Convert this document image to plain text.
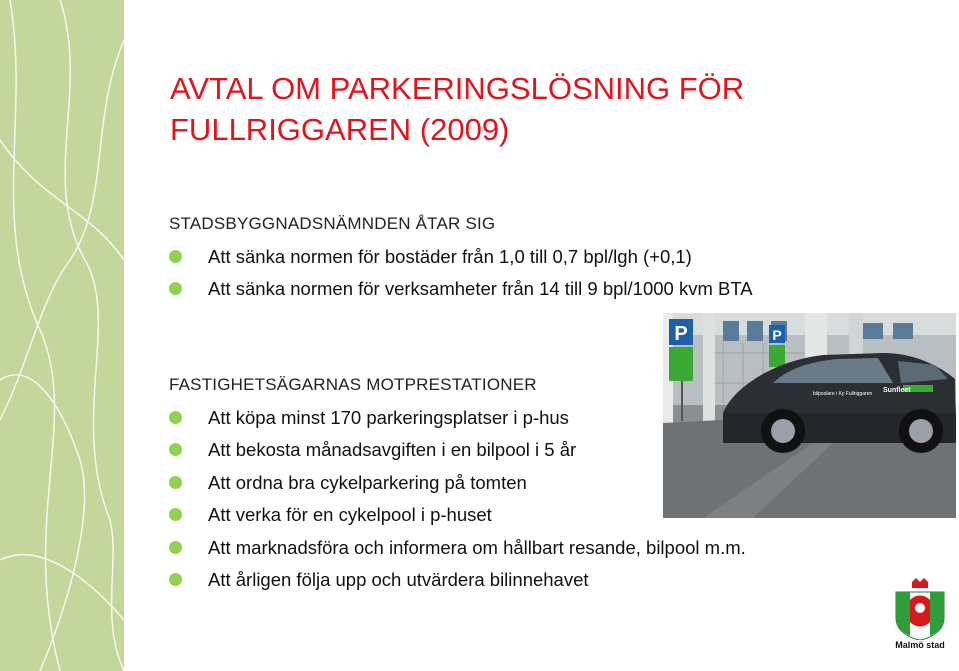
AVTAL OM PARKERINGSLÖSNING FÖR
FULLRIGGAREN (2009)
STADSBYGGNADSNÄMNDEN ÅTAR SIG
Att sänka normen för bostäder från 1,0 till 0,7 bpl/lgh (+0,1)
Att sänka normen för verksamheter från 14 till 9 bpl/1000 kvm BTA
FASTIGHETSÄGARNAS MOTPRESTATIONER
Att köpa minst 170 parkeringsplatser i p-hus
Att bekosta månadsavgiften i en bilpool i 5 år
Att ordna bra cykelparkering på tomten
Att verka för en cykelpool i p-huset
Att marknadsföra och informera om hållbart resande, bilpool m.m.
Att årligen följa upp och utvärdera bilinnehavet
P	P
Sunfleet
bilpoolare i Ky Fullriggaren
Malmö stad
